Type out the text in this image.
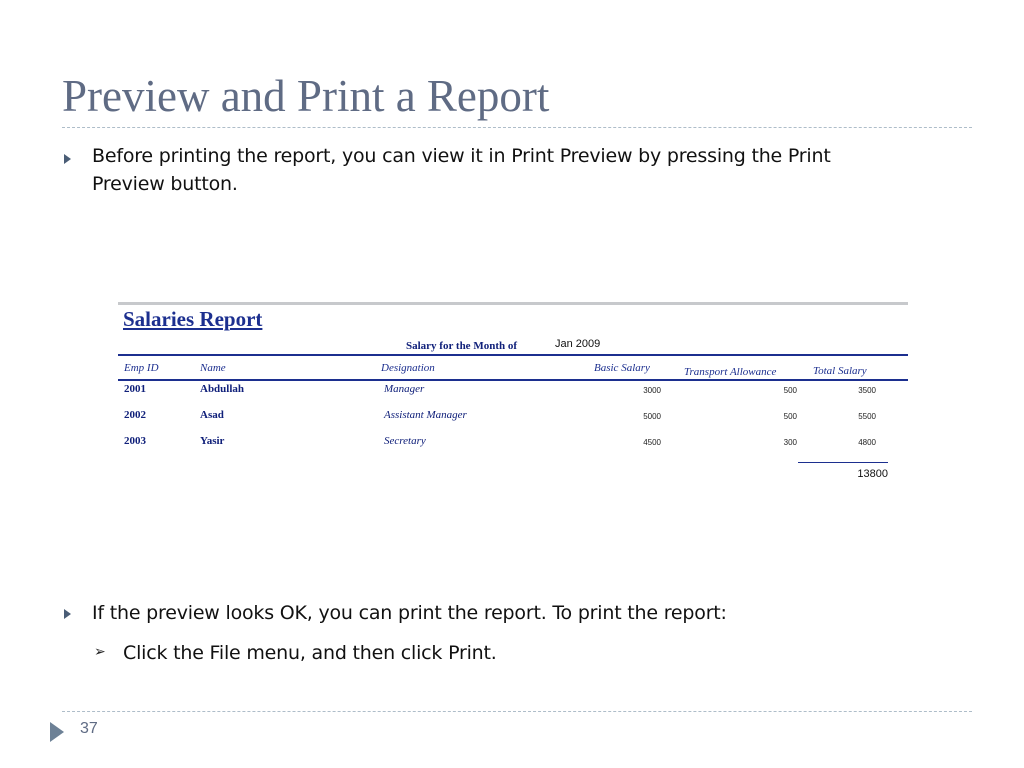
Preview and Print a Report
Before printing the report, you can view it in Print Preview by pressing the Print
Preview button.
Salaries Report
Salary for the Month of	Jan 2009
Emp ID	Name	Designation	Basic Salary	Transport Allowance	Total Salary
2001	Abdullah	Manager	3000	500	3500
2002	Asad	Assistant Manager	5000	500	5500
2003	Yasir	Secretary	4500	300	4800
13800
If the preview looks OK, you can print the report. To print the report:
➢ Click the File menu, and then click Print.
37
